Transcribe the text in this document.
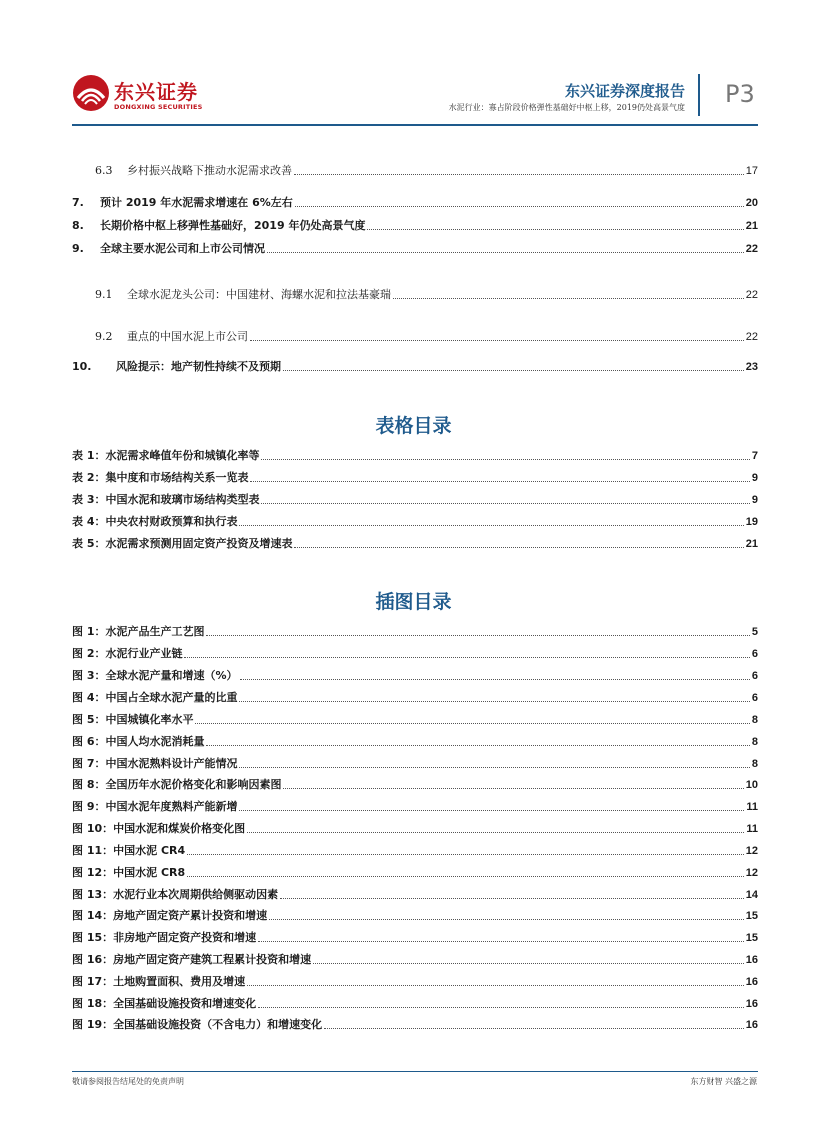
东兴证券
DONGXING SECURITIES
东兴证券深度报告
水泥行业：寡占阶段价格弹性基础好中枢上移，2019仍处高景气度 P3
6.3	乡村振兴战略下推动水泥需求改善	17
7.	预计 2019 年水泥需求增速在 6%左右	20
8.	长期价格中枢上移弹性基础好，2019 年仍处高景气度	21
9.	全球主要水泥公司和上市公司情况	22
9.1	全球水泥龙头公司：中国建材、海螺水泥和拉法基豪瑞	22
9.2	重点的中国水泥上市公司	22
10.	风险提示：地产韧性持续不及预期	23
表格目录
表 1：水泥需求峰值年份和城镇化率等	7
表 2：集中度和市场结构关系一览表	9
表 3：中国水泥和玻璃市场结构类型表	9
表 4：中央农村财政预算和执行表	19
表 5：水泥需求预测用固定资产投资及增速表	21
插图目录
图 1：水泥产品生产工艺图	5
图 2：水泥行业产业链	6
图 3：全球水泥产量和增速（%）	6
图 4：中国占全球水泥产量的比重	6
图 5：中国城镇化率水平	8
图 6：中国人均水泥消耗量	8
图 7：中国水泥熟料设计产能情况	8
图 8：全国历年水泥价格变化和影响因素图	10
图 9：中国水泥年度熟料产能新增	11
图 10：中国水泥和煤炭价格变化图	11
图 11：中国水泥 CR4	12
图 12：中国水泥 CR8	12
图 13：水泥行业本次周期供给侧驱动因素	14
图 14：房地产固定资产累计投资和增速	15
图 15：非房地产固定资产投资和增速	15
图 16：房地产固定资产建筑工程累计投资和增速	16
图 17：土地购置面积、费用及增速	16
图 18：全国基础设施投资和增速变化	16
图 19：全国基础设施投资（不含电力）和增速变化	16
敬请参阅报告结尾处的免责声明	东方财智 兴盛之源
